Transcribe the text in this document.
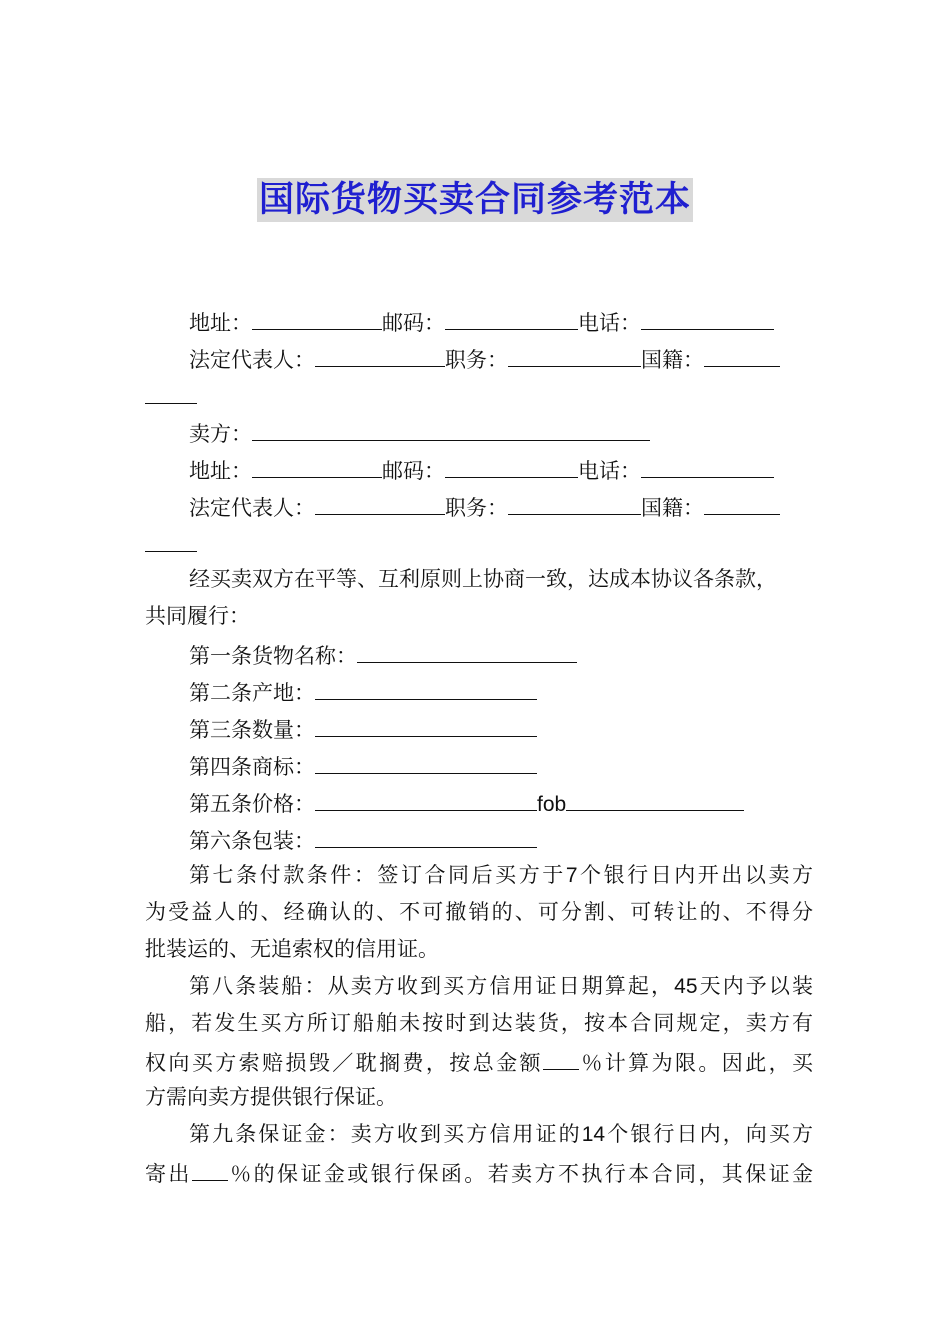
国际货物买卖合同参考范本
地址：	邮码：	电话：
法定代表人：	职务：	国籍：
卖方：
地址：	邮码：	电话：
法定代表人：	职务：	国籍：
经买卖双方在平等、互利原则上协商一致，达成本协议各条款，
共同履行：
第一条货物名称：
第二条产地：
第三条数量：
第四条商标：
第五条价格：	fob
第六条包装：
第七条付款条件：签订合同后买方于7个银行日内开出以卖方
为受益人的、经确认的、不可撤销的、可分割、可转让的、不得分
批装运的、无追索权的信用证。
第八条装船：从卖方收到买方信用证日期算起，45天内予以装
船，若发生买方所订船舶未按时到达装货，按本合同规定，卖方有
权向买方索赔损毁／耽搁费，按总金额 ％计算为限。因此，买
方需向卖方提供银行保证。
第九条保证金：卖方收到买方信用证的14个银行日内，向买方
寄出 ％的保证金或银行保函。若卖方不执行本合同，其保证金
